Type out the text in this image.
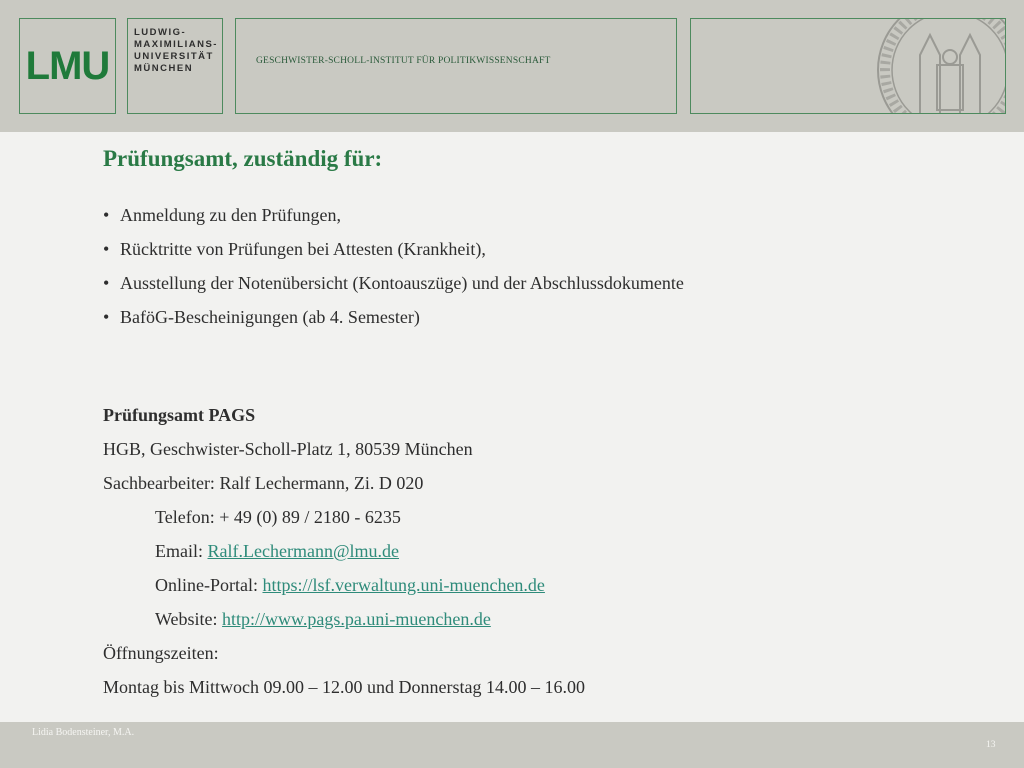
LMU
LUDWIG-
MAXIMILIANS-
UNIVERSITÄT
MÜNCHEN
GESCHWISTER-SCHOLL-INSTITUT FÜR POLITIKWISSENSCHAFT
Prüfungsamt, zuständig für:
• Anmeldung zu den Prüfungen,
• Rücktritte von Prüfungen bei Attesten (Krankheit),
• Ausstellung der Notenübersicht (Kontoauszüge) und der Abschlussdokumente
• BaföG-Bescheinigungen (ab 4. Semester)
Prüfungsamt PAGS
HGB, Geschwister-Scholl-Platz 1, 80539 München
Sachbearbeiter: Ralf Lechermann, Zi. D 020
Telefon: + 49 (0) 89 / 2180 - 6235
Email: Ralf.Lechermann@lmu.de
Online-Portal: https://lsf.verwaltung.uni-muenchen.de
Website: http://www.pags.pa.uni-muenchen.de
Öffnungszeiten:
Montag bis Mittwoch 09.00 – 12.00 und Donnerstag 14.00 – 16.00
Lidia Bodensteiner, M.A.
13
